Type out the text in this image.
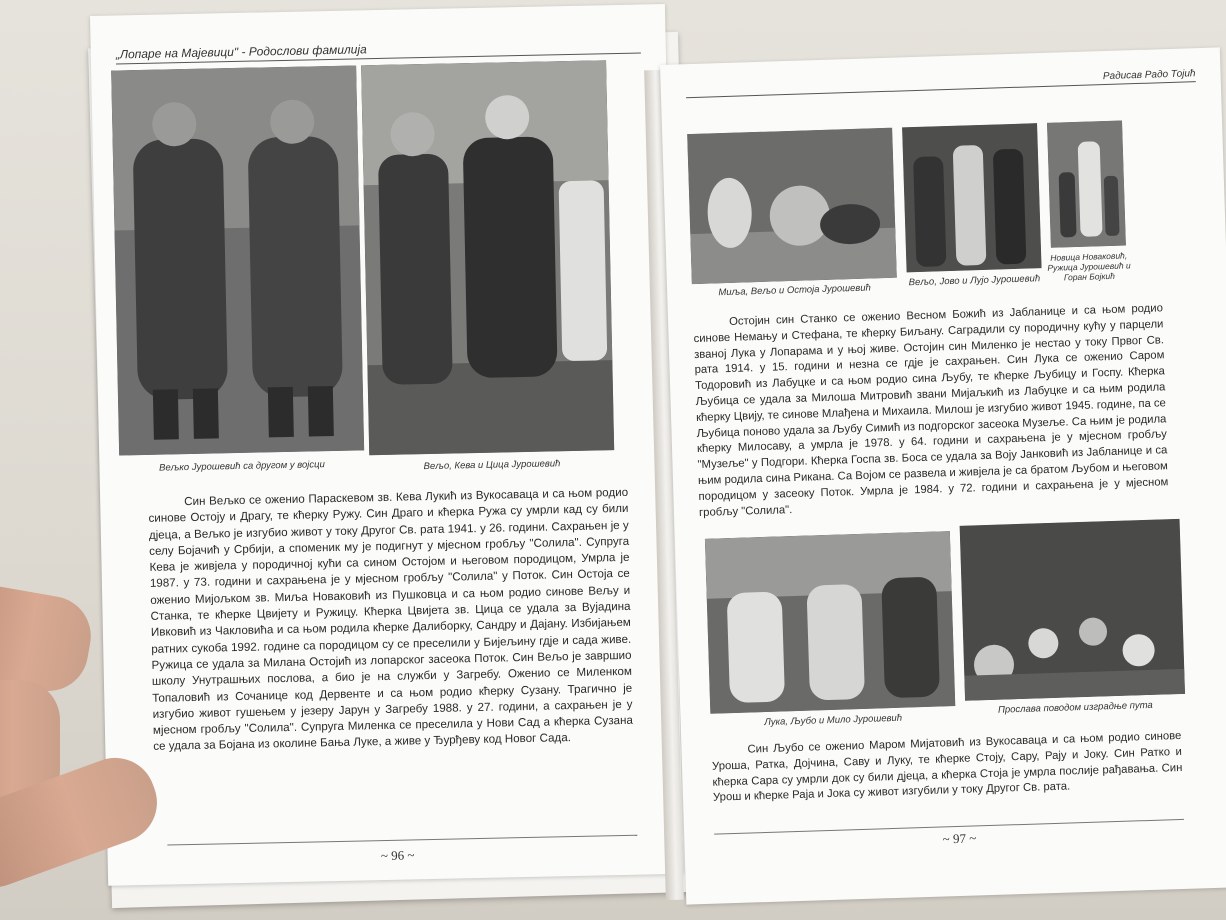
„Лопаре на Мајевици" - Родослови фамилија
Вељко Јурошевић са другом у војсци	Вељо, Кева и Цица Јурошевић

Син Вељко се оженио Параскевом зв. Кева Лукић из Вукосаваца и са њом родио синове Остоју и Драгу, те кћерку Ружу. Син Драго и кћерка Ружа су умрли кад су били дјеца, а Вељко је изгубио живот у току Другог Св. рата 1941. у 26. години. Сахрањен је у селу Бојачић у Србији, а споменик му је подигнут у мјесном гробљу "Солила". Супруга Кева је живјела у породичној кући са сином Остојом и његовом породицом, Умрла је 1987. у 73. години и сахрањена је у мјесном гробљу "Солила" у Поток. Син Остоја се оженио Мијољком зв. Миља Новаковић из Пушковца и са њом родио синове Вељу и Станка, те кћерке Цвијету и Ружицу. Кћерка Цвијета зв. Цица се удала за Вујадина Ивковић из Чакловића и са њом родила кћерке Далиборку, Сандру и Дајану. Избијањем ратних сукоба 1992. године са породицом су се преселили у Бијељину гдје и сада живе. Ружица се удала за Милана Остојић из лопарског засеока Поток. Син Вељо је завршио школу Унутрашњих послова, а био је на служби у Загребу. Оженио се Миленком Топаловић из Сочанице код Дервенте и са њом родио кћерку Сузану. Трагично је изгубио живот гушењем у језеру Јарун у Загребу 1988. у 27. години, а сахрањен је у мјесном гробљу "Солила". Супруга Миленка се преселила у Нови Сад а кћерка Сузана се удала за Бојана из околине Бања Луке, а живе у Ђурђеву код Новог Сада.

~ 96 ~
Радисав Радо Тојић
Миља, Вељо и Остоја Јурошевић
Вељо, Јово и Лујо Јурошевић
Новица Новаковић, Ружица Јурошевић и Горан Бојкић

Остојин син Станко се оженио Весном Божић из Јабланице и са њом родио синове Немању и Стефана, те кћерку Биљану. Саградили су породичну кућу у парцели званој Лука у Лопарама и у њој живе. Остојин син Миленко је нестао у току Првог Св. рата 1914. у 15. години и незна се гдје је сахрањен. Син Лука се оженио Саром Тодоровић из Лабуцке и са њом родио сина Љубу, те кћерке Љубицу и Госпу. Кћерка Љубица се удала за Милоша Митровић звани Мијаљкић из Лабуцке и са њим родила кћерку Цвију, те синове Млађена и Михаила. Милош је изгубио живот 1945. године, па се Љубица поново удала за Љубу Симић из подгорског засеока Музеље. Са њим је родила кћерку Милосаву, а умрла је 1978. у 64. години и сахрањена је у мјесном гробљу "Музеље" у Подгори. Кћерка Госпа зв. Боса се удала за Воју Јанковић из Јабланице и са њим родила сина Рикана. Са Војом се развела и живјела је са братом Љубом и његовом породицом у засеоку Поток. Умрла је 1984. у 72. години и сахрањена је у мјесном гробљу "Солила".

Лука, Љубо и Мило Јурошевић
Прослава поводом изградње пута

Син Љубо се оженио Маром Мијатовић из Вукосаваца и са њом родио синове Уроша, Ратка, Дојчина, Саву и Луку, те кћерке Стоју, Сару, Рају и Јоку. Син Ратко и кћерка Сара су умрли док су били дјеца, а кћерка Стоја је умрла послије рађавања. Син Урош и кћерке Раја и Јока су живот изгубили у току Другог Св. рата.

~ 97 ~
